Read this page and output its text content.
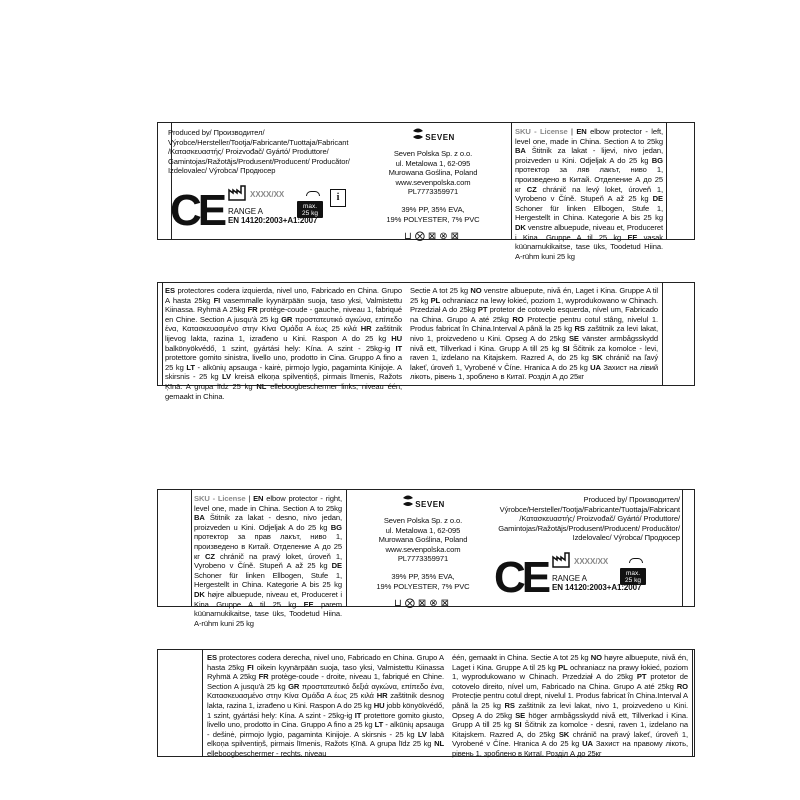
Produced by/ Производител/
Výrobce/Hersteller/Tootja/Fabricante/Tuottaja/Fabricant
/Κατασκευαστής/ Proizvođač/ Gyártó/ Produttore/
Gamintojas/Ražotājs/Produsent/Producent/ Producător/
Izdelovalec/ Výrobca/ Продюсер
CE	XXXX/XX

max. 25 kg
i
RANGE A
EN 14120:2003+A1:2007
SEVEN
Seven Polska Sp. z o.o.
ul. Metalowa 1, 62-095
Murowana Goślina, Poland
www.sevenpolska.com
PL7773359971
39% PP, 35% EVA,
19% POLYESTER, 7% PVC
⊔ ⨂ ⊠ ⊗ ⊠
SKU - License | EN elbow protector - left, level one, made in China. Section A to 25kg BA Štitnik za lakat - lijevi, nivo jedan, proizveden u Kini. Odjeljak A do 25 kg BG протектор за ляв лакът, ниво 1, произведено в Китай. Отделение А до 25 кг CZ chránič na levý loket, úroveň 1, Vyrobeno v Číně. Stupeň A až 25 kg DE Schoner für linken Ellbogen, Stufe 1, Hergestellt in China. Kategorie A bis 25 kg DK venstre albuepude, niveau et, Produceret i Kina. Gruppe A til 25 kg EE vasak küünarnukikaitse, tase üks, Toodetud Hiina. A-rühm kuni 25 kg
ES protectores codera izquierda, nivel uno, Fabricado en China. Grupo A hasta 25kg FI vasemmalle kyynärpään suoja, taso yksi, Valmistettu Kiinassa. Ryhmä A 25kg FR protège-coude - gauche, niveau 1, fabriqué en Chine. Section A jusqu'à 25 kg GR προστατευτικό αγκώνα, επίπεδο ένα, Κατασκευασμένο στην Κίνα Ομάδα Α έως 25 κιλά HR zaštitnik lijevog lakta, razina 1, izrađeno u Kini. Raspon A do 25 kg HU balkönyökvédő, 1 szint, gyártási hely: Kína. A szint - 25kg-ig IT protettore gomito sinistra, livello uno, prodotto in Cina. Gruppo A fino a 25 kg LT - alkūnių apsauga - kairė, pirmojo lygio, pagaminta Kinijoje. A skirsnis - 25 kg LV kreisā elkoņa spilventiņš, pirmais līmenis, Ražots Ķīnā. A grupa līdz 25 kg NL elleboogbeschermer links, niveau één, gemaakt in China.
Sectie A tot 25 kg NO venstre albuepute, nivå én, Laget i Kina. Gruppe A til 25 kg PL ochraniacz na lewy łokieć, poziom 1, wyprodukowano w Chinach. Przedział A do 25kg PT protetor de cotovelo esquerda, nível um, Fabricado na China. Grupo A até 25kg RO Protecție pentru cotul stâng, nivelul 1. Produs fabricat în China.Interval A până la 25 kg RS zaštitnik za levi lakat, nivo 1, proizvedeno u Kini. Opseg A do 25kg SE vänster armbågsskydd nivå ett, Tillverkad i Kina. Grupp A till 25 kg SI Ščitnik za komolce - levi, raven 1, izdelano na Kitajskem. Razred A, do 25 kg SK chránič na ľavý lakeť, úroveň 1, Vyrobené v Číne. Hranica A do 25 kg UA Захист на лівий лікоть, рівень 1, зроблено в Китаї. Розділ А до 25кг
SKU - License | EN elbow protector - right, level one, made in China. Section A to 25kg BA Štitnik za lakat - desno, nivo jedan, proizveden u Kini. Odjeljak A do 25 kg BG протектор за прав лакът, ниво 1, произведено в Китай. Отделение А до 25 кг CZ chránič na pravý loket, úroveň 1, Vyrobeno v Číně. Stupeň A až 25 kg DE Schoner für linken Ellbogen, Stufe 1, Hergestellt in China. Kategorie A bis 25 kg DK højre albuepude, niveau et, Produceret i Kina Gruppe A til 25 kg EE parem küünarnukikaitse, tase üks, Toodetud Hiina. A-rühm kuni 25 kg
SEVEN
Seven Polska Sp. z o.o.
ul. Metalowa 1, 62-095
Murowana Goślina, Poland
www.sevenpolska.com
PL7773359971
39% PP, 35% EVA,
19% POLYESTER, 7% PVC
⊔ ⨂ ⊠ ⊗ ⊠
Produced by/ Производител/
Výrobce/Hersteller/Tootja/Fabricante/Tuottaja/Fabricant
/Κατασκευαστής/ Proizvođač/ Gyártó/ Produttore/
Gamintojas/Ražotājs/Produsent/Producent/ Producător/
Izdelovalec/ Výrobca/ Продюсер
CE	XXXX/XX

max. 25 kg
RANGE A
EN 14120:2003+A1:2007
ES protectores codera derecha, nivel uno, Fabricado en China. Grupo A hasta 25kg FI oikein kyynärpään suoja, taso yksi, Valmistettu Kiinassa Ryhmä A 25kg FR protège-coude - droite, niveau 1, fabriqué en Chine. Section A jusqu'à 25 kg GR προστατευτικό δεξιά αγκώνα, επίπεδο ένα, Κατασκευασμένο στην Κίνα Ομάδα Α έως 25 κιλά HR zaštitnik desnog lakta, razina 1, izrađeno u Kini. Raspon A do 25 kg HU jobb könyökvédő, 1 szint, gyártási hely: Kína. A szint - 25kg-ig IT protettore gomito giusto, livello uno, prodotto in Cina. Gruppo A fino a 25 kg LT - alkūnių apsauga - dešinė, pirmojo lygio, pagaminta Kinijoje. A skirsnis - 25 kg LV labā elkoņa spilventiņš, pirmais līmenis, Ražots Ķīnā. A grupa līdz 25 kg NL elleboogbeschermer - rechts, niveau
één, gemaakt in China. Sectie A tot 25 kg NO høyre albuepute, nivå én, Laget i Kina. Gruppe A til 25 kg PL ochraniacz na prawy łokieć, poziom 1, wyprodukowano w Chinach. Przedział A do 25kg PT protetor de cotovelo direito, nível um, Fabricado na China. Grupo A até 25kg RO Protecție pentru cotul drept, nivelul 1. Produs fabricat în China.Interval A până la 25 kg RS zaštitnik za levi lakat, nivo 1, proizvedeno u Kini. Opseg A do 25kg SE höger armbågsskydd nivå ett, Tillverkad i Kina. Grupp A till 25 kg SI Ščitnik za komolce - desni, raven 1, izdelano na Kitajskem. Razred A, do 25kg SK chránič na pravý lakeť, úroveň 1, Vyrobené v Číne. Hranica A do 25 kg UA Захист на правому лікоть, рівень 1, зроблено в Китаї. Розділ А до 25кг
